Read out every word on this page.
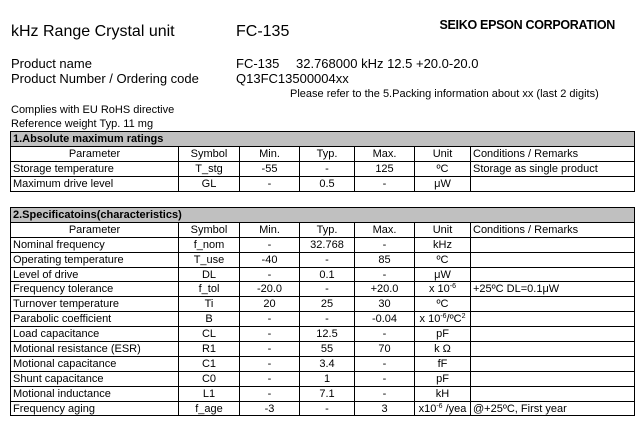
kHz Range Crystal unit	FC-135	SEIKO EPSON CORPORATION
Product name	FC-135 32.768000 kHz 12.5 +20.0-20.0
Product Number / Ordering code	Q13FC13500004xx
Please refer to the 5.Packing information about xx (last 2 digits)
Complies with EU RoHS directive
Reference weight Typ. 11 mg
1.Absolute maximum ratings						
Parameter	Symbol	Min.	Typ.	Max.	Unit	Conditions / Remarks
Storage temperature	T_stg	-55	-	125	ºC	Storage as single product
Maximum drive level	GL	-	0.5	-	μW	
2.Specificatoins(characteristics)						
Parameter	Symbol	Min.	Typ.	Max.	Unit	Conditions / Remarks
Nominal frequency	f_nom	-	32.768	-	kHz	
Operating temperature	T_use	-40	-	85	ºC	
Level of drive	DL	-	0.1	-	μW	
Frequency tolerance	f_tol	-20.0	-	+20.0	x $10^{-6}$	+25ºC DL=0.1μW
Turnover temperature	Ti	20	25	30	ºC	
Parabolic coefficient	B	-	-	-0.04	x $10^{-6}/ºC^2$	
Load capacitance	CL	-	12.5	-	pF	
Motional resistance (ESR)	R1	-	55	70	k Ω	
Motional capacitance	C1	-	3.4	-	fF	
Shunt capacitance	C0	-	1	-	pF	
Motional inductance	L1	-	7.1	-	kH	
Frequency aging	f_age	-3	-	3	$x10^{-6}$ /yea	@+25ºC, First year
